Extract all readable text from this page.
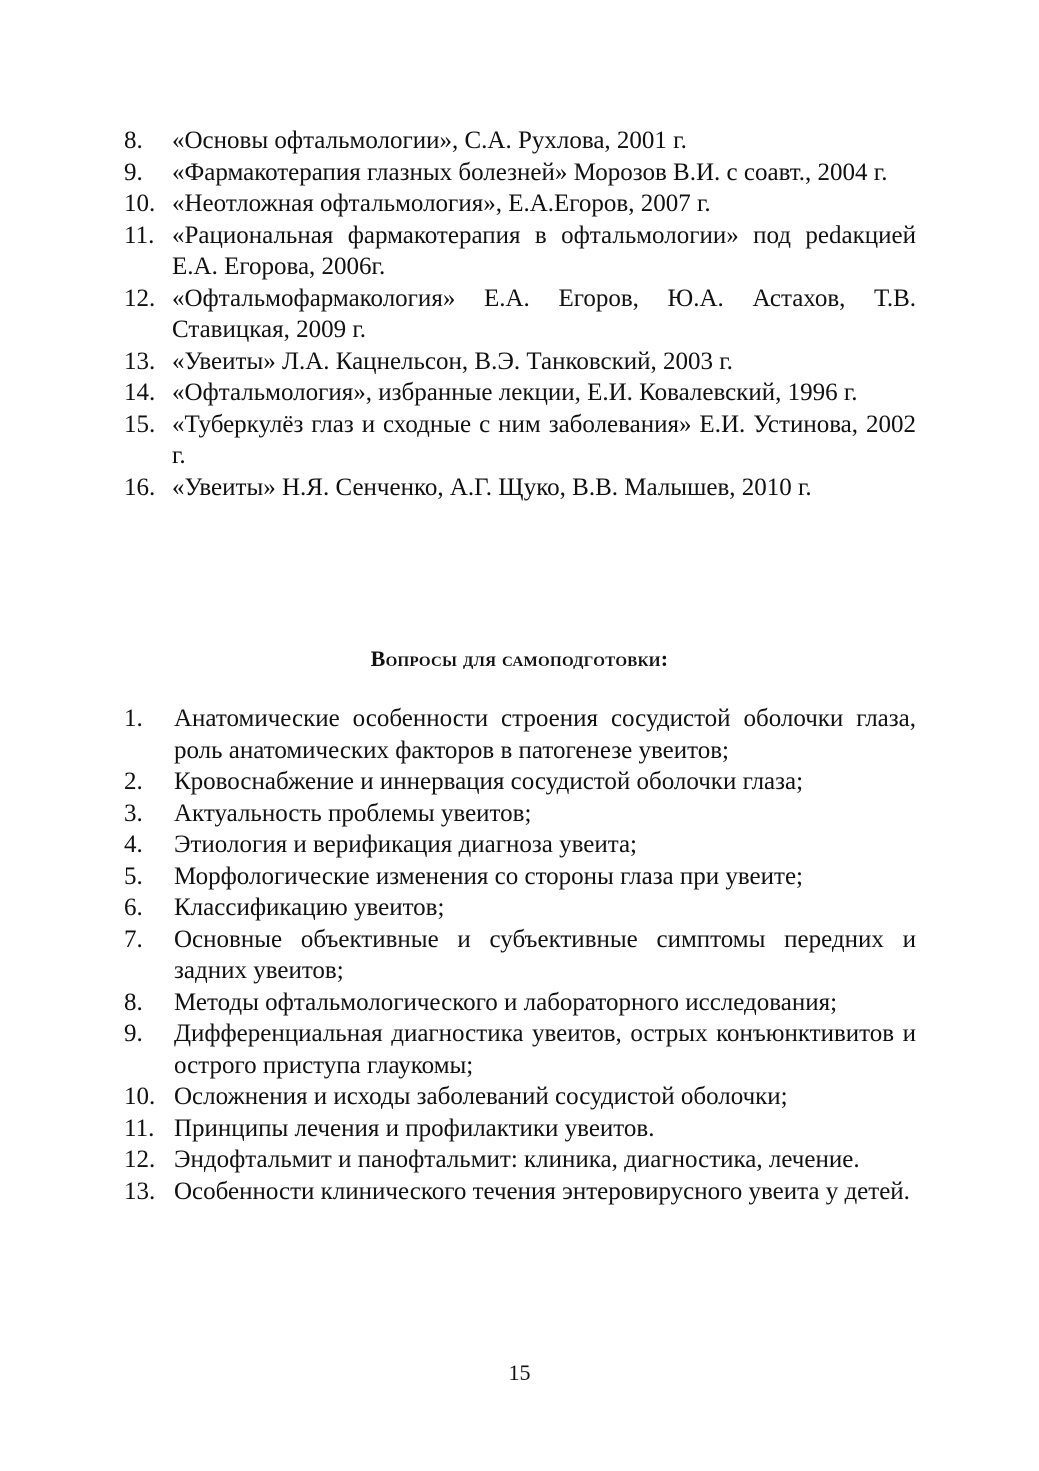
8.	«Основы офтальмологии», С.А. Рухлова, 2001 г.
9.	«Фармакотерапия глазных болезней» Морозов В.И. с соавт., 2004 г.
10. «Неотложная офтальмология», Е.А.Егоров, 2007 г.
11. «Рациональная фармакотерапия в офтальмологии» под реdакцией Е.А. Егорова, 2006г.
12. «Офтальмофармакология» Е.А. Егоров, Ю.А. Астахов, Т.В. Ставицкая, 2009 г.
13. «Увеиты» Л.А. Кацнельсон, В.Э. Танковский, 2003 г.
14. «Офтальмология», избранные лекции, Е.И. Ковалевский, 1996 г.
15. «Туберкулёз глаз и сходные с ним заболевания» Е.И. Устинова, 2002 г.
16. «Увеиты» Н.Я. Сенченко, А.Г. Щуко, В.В. Малышев, 2010 г.
Вопросы для самоподготовки:
1.	Анатомические особенности строения сосудистой оболочки глаза, роль анатомических факторов в патогенезе увеитов;
2.	Кровоснабжение и иннервация сосудистой оболочки глаза;
3.	Актуальность проблемы увеитов;
4.	Этиология и верификация диагноза увеита;
5.	Морфологические изменения со стороны глаза при увеите;
6.	Классификацию увеитов;
7.	Основные объективные и субъективные симптомы передних и задних увеитов;
8.	Методы офтальмологического и лабораторного исследования;
9.	Дифференциальная диагностика увеитов, острых конъюнктивитов и острого приступа глаукомы;
10. Осложнения и исходы заболеваний сосудистой оболочки;
11. Принципы лечения и профилактики увеитов.
12. Эндофтальмит и панофтальмит: клиника, диагностика, лечение.
13. Особенности клинического течения энтеровирусного увеита у детей.
15
